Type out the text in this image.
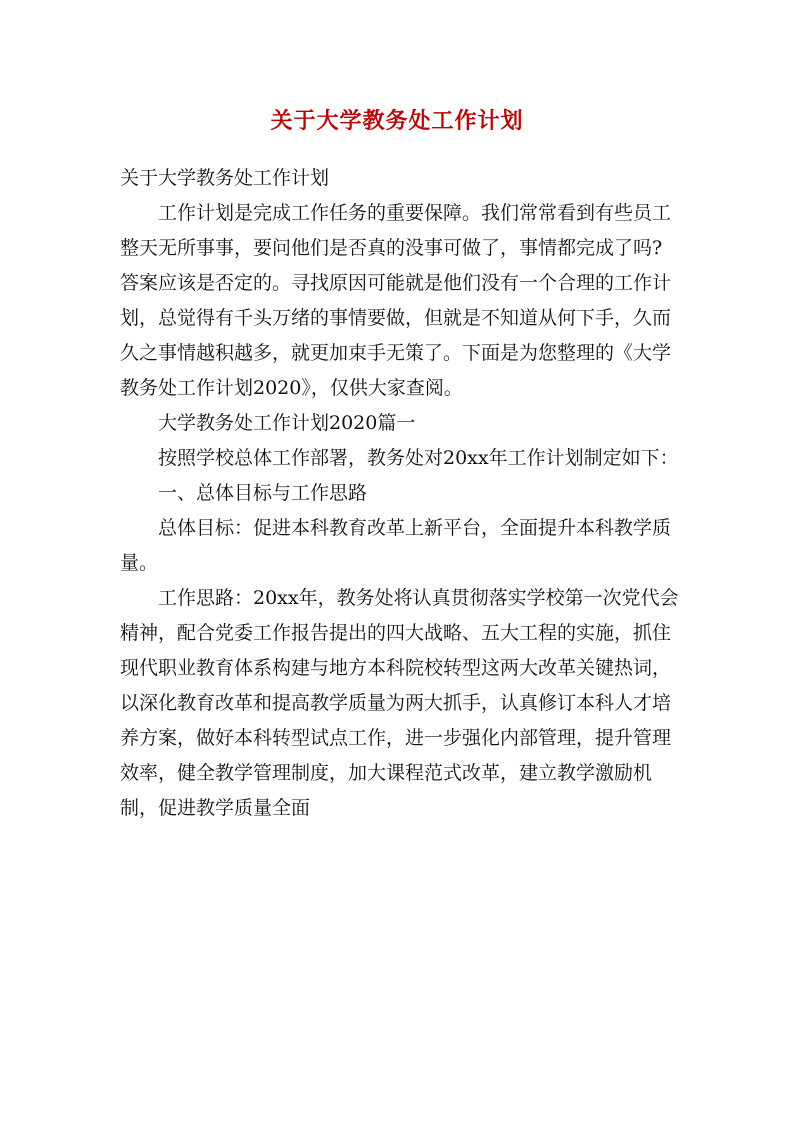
关于大学教务处工作计划

关于大学教务处工作计划

工作计划是完成工作任务的重要保障。我们常常看到有些员工整天无所事事，要问他们是否真的没事可做了，事情都完成了吗?答案应该是否定的。寻找原因可能就是他们没有一个合理的工作计划，总觉得有千头万绪的事情要做，但就是不知道从何下手，久而久之事情越积越多，就更加束手无策了。下面是为您整理的《大学教务处工作计划2020》，仅供大家查阅。

大学教务处工作计划2020篇一

按照学校总体工作部署，教务处对20xx年工作计划制定如下：

一、总体目标与工作思路

总体目标：促进本科教育改革上新平台，全面提升本科教学质量。

工作思路：20xx年，教务处将认真贯彻落实学校第一次党代会精神，配合党委工作报告提出的四大战略、五大工程的实施，抓住现代职业教育体系构建与地方本科院校转型这两大改革关键热词，以深化教育改革和提高教学质量为两大抓手，认真修订本科人才培养方案，做好本科转型试点工作，进一步强化内部管理，提升管理效率，健全教学管理制度，加大课程范式改革，建立教学激励机制，促进教学质量全面
